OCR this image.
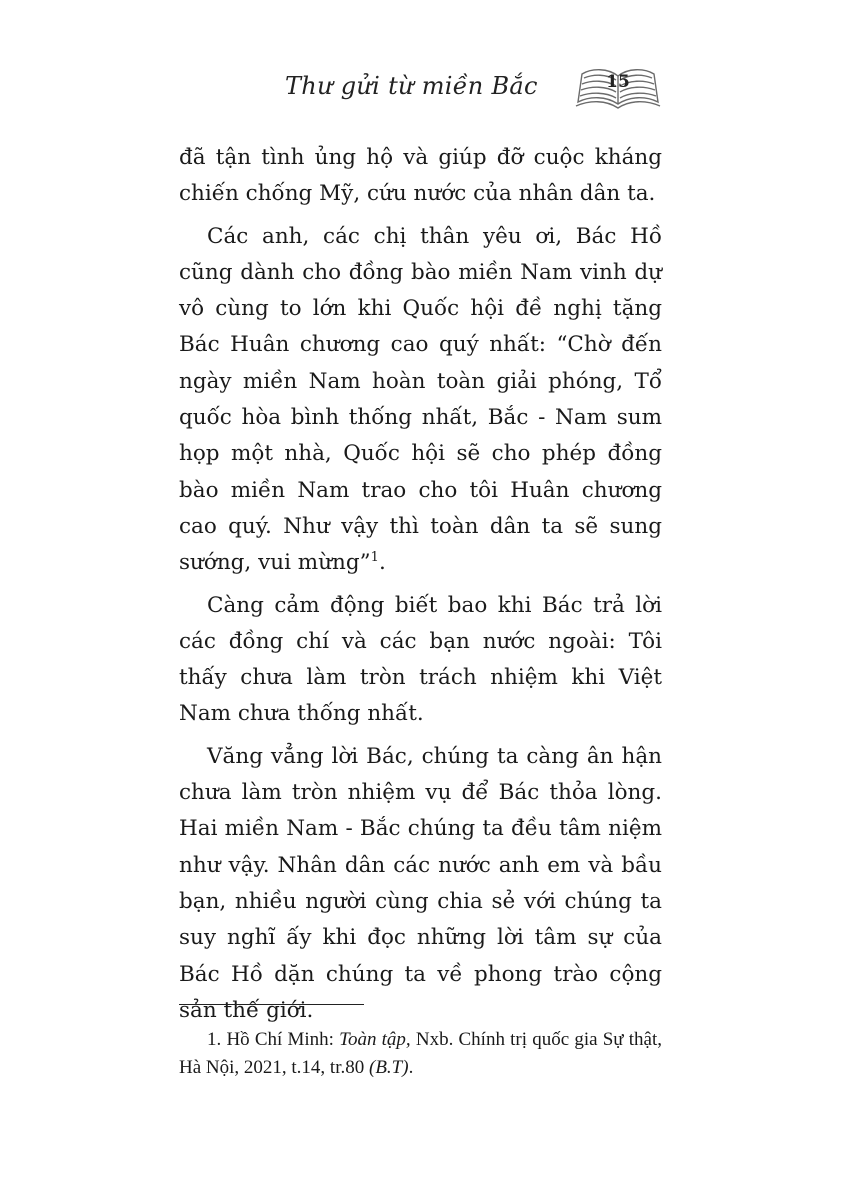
Thư gửi từ miền Bắc	15

đã tận tình ủng hộ và giúp đỡ cuộc kháng chiến chống Mỹ, cứu nước của nhân dân ta.

Các anh, các chị thân yêu ơi, Bác Hồ cũng dành cho đồng bào miền Nam vinh dự vô cùng to lớn khi Quốc hội đề nghị tặng Bác Huân chương cao quý nhất: “Chờ đến ngày miền Nam hoàn toàn giải phóng, Tổ quốc hòa bình thống nhất, Bắc - Nam sum họp một nhà, Quốc hội sẽ cho phép đồng bào miền Nam trao cho tôi Huân chương cao quý. Như vậy thì toàn dân ta sẽ sung sướng, vui mừng”$^1$.

Càng cảm động biết bao khi Bác trả lời các đồng chí và các bạn nước ngoài: Tôi thấy chưa làm tròn trách nhiệm khi Việt Nam chưa thống nhất.

Văng vẳng lời Bác, chúng ta càng ân hận chưa làm tròn nhiệm vụ để Bác thỏa lòng. Hai miền Nam - Bắc chúng ta đều tâm niệm như vậy. Nhân dân các nước anh em và bầu bạn, nhiều người cùng chia sẻ với chúng ta suy nghĩ ấy khi đọc những lời tâm sự của Bác Hồ dặn chúng ta về phong trào cộng sản thế giới.

1. Hồ Chí Minh: Toàn tập, Nxb. Chính trị quốc gia Sự thật, Hà Nội, 2021, t.14, tr.80 (B.T).
